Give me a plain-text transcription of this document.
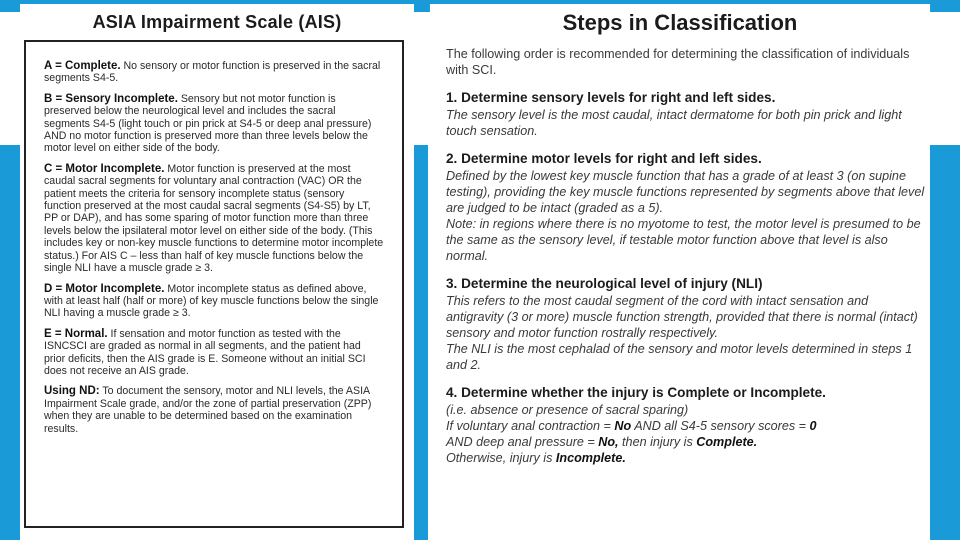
ASIA Impairment Scale (AIS)
A = Complete. No sensory or motor function is preserved in the sacral segments S4-5.
B = Sensory Incomplete. Sensory but not motor function is preserved below the neurological level and includes the sacral segments S4-5 (light touch or pin prick at S4-5 or deep anal pressure) AND no motor function is preserved more than three levels below the motor level on either side of the body.
C = Motor Incomplete. Motor function is preserved at the most caudal sacral segments for voluntary anal contraction (VAC) OR the patient meets the criteria for sensory incomplete status (sensory function preserved at the most caudal sacral segments (S4-S5) by LT, PP or DAP), and has some sparing of motor function more than three levels below the ipsilateral motor level on either side of the body. (This includes key or non-key muscle functions to determine motor incomplete status.) For AIS C – less than half of key muscle functions below the single NLI have a muscle grade ≥ 3.
D = Motor Incomplete. Motor incomplete status as defined above, with at least half (half or more) of key muscle functions below the single NLI having a muscle grade ≥ 3.
E = Normal. If sensation and motor function as tested with the ISNCSCI are graded as normal in all segments, and the patient had prior deficits, then the AIS grade is E. Someone without an initial SCI does not receive an AIS grade.
Using ND: To document the sensory, motor and NLI levels, the ASIA Impairment Scale grade, and/or the zone of partial preservation (ZPP) when they are unable to be determined based on the examination results.
Steps in Classification
The following order is recommended for determining the classification of individuals with SCI.
1. Determine sensory levels for right and left sides.
The sensory level is the most caudal, intact dermatome for both pin prick and light touch sensation.
2. Determine motor levels for right and left sides.
Defined by the lowest key muscle function that has a grade of at least 3 (on supine testing), providing the key muscle functions represented by segments above that level are judged to be intact (graded as a 5).
Note: in regions where there is no myotome to test, the motor level is presumed to be the same as the sensory level, if testable motor function above that level is also normal.
3. Determine the neurological level of injury (NLI)
This refers to the most caudal segment of the cord with intact sensation and antigravity (3 or more) muscle function strength, provided that there is normal (intact) sensory and motor function rostrally respectively.
The NLI is the most cephalad of the sensory and motor levels determined in steps 1 and 2.
4. Determine whether the injury is Complete or Incomplete.
(i.e. absence or presence of sacral sparing)
If voluntary anal contraction = No AND all S4-5 sensory scores = 0
AND deep anal pressure = No, then injury is Complete.
Otherwise, injury is Incomplete.
